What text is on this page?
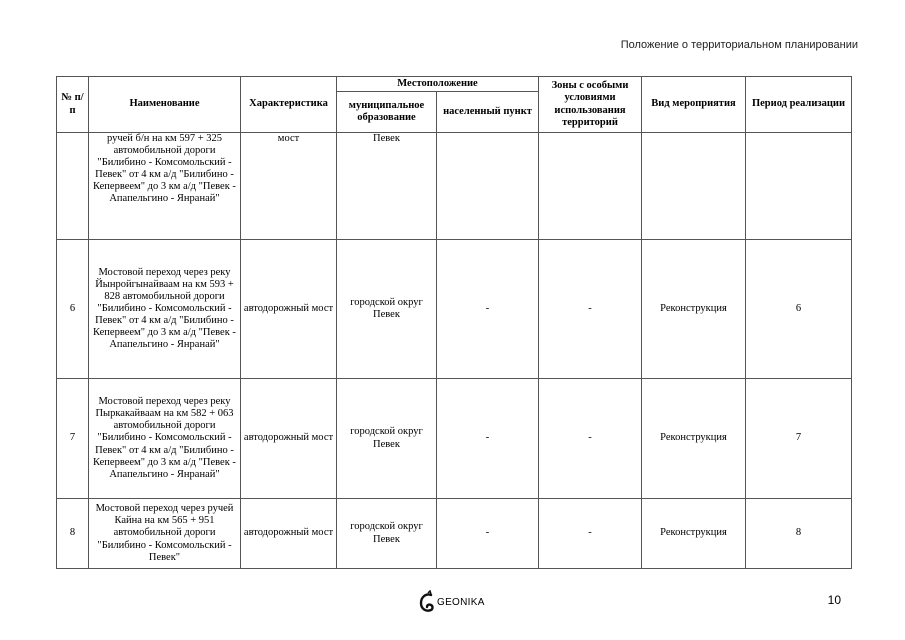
Положение о территориальном планировании
№ п/п	Наименование	Характеристика	Местоположение		Зоны с особыми условиями использования территорий	Вид мероприятия	Период реализации
			муниципальное образование	населенный пункт			
	ручей б/н на км 597 + 325 автомобильной дороги "Билибино - Комсомольский - Певек" от 4 км а/д "Билибино - Кепервеем" до 3 км а/д "Певек - Апапельгино - Янранай"	мост	Певек				
6	Мостовой переход через реку Йынройгынайваам на км 593 + 828 автомобильной дороги "Билибино - Комсомольский - Певек" от 4 км а/д "Билибино - Кепервеем" до 3 км а/д "Певек - Апапельгино - Янранай"	автодорожный мост	городской округ Певек	-	-	Реконструкция	6
7	Мостовой переход через реку Пыркакайваам на км 582 + 063 автомобильной дороги "Билибино - Комсомольский - Певек" от 4 км а/д "Билибино - Кепервеем" до 3 км а/д "Певек - Апапельгино - Янранай"	автодорожный мост	городской округ Певек	-	-	Реконструкция	7
8	Мостовой переход через ручей Кайна на км 565 + 951 автомобильной дороги "Билибино - Комсомольский - Певек"	автодорожный мост	городской округ Певек	-	-	Реконструкция	8
GEONIKA	10
